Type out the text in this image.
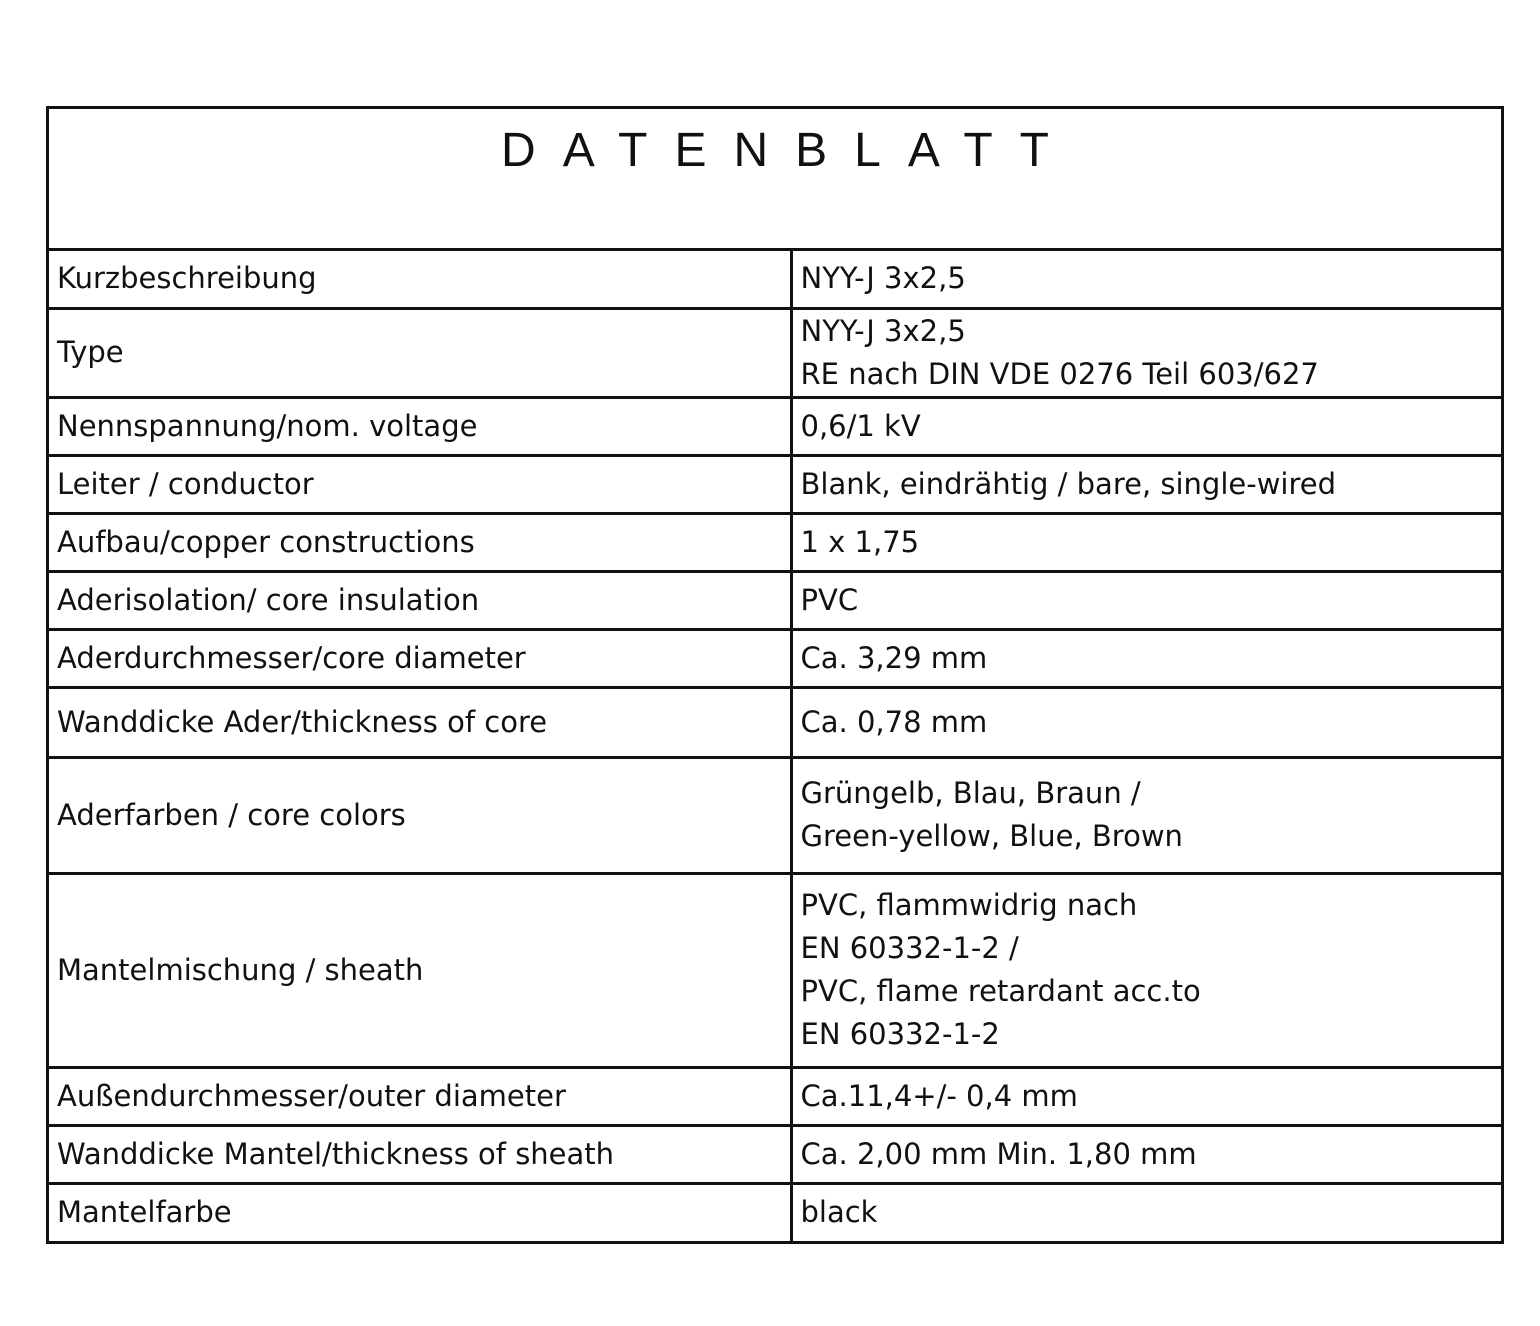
DATENBLATT
Kurzbeschreibung	NYY-J 3x2,5

Type	NYY-J 3x2,5
RE nach DIN VDE 0276 Teil 603/627

Nennspannung/nom. voltage	0,6/1 kV

Leiter / conductor	Blank, eindrähtig / bare, single-wired

Aufbau/copper constructions	1 x 1,75

Aderisolation/ core insulation	PVC

Aderdurchmesser/core diameter	Ca. 3,29 mm

Wanddicke Ader/thickness of core	Ca. 0,78 mm

Aderfarben / core colors	Grüngelb, Blau, Braun /
Green-yellow, Blue, Brown

Mantelmischung / sheath	PVC, flammwidrig nach
EN 60332-1-2 /
PVC, flame retardant acc.to
EN 60332-1-2

Außendurchmesser/outer diameter	Ca.11,4+/- 0,4 mm

Wanddicke Mantel/thickness of sheath	Ca. 2,00 mm Min. 1,80 mm

Mantelfarbe	black
